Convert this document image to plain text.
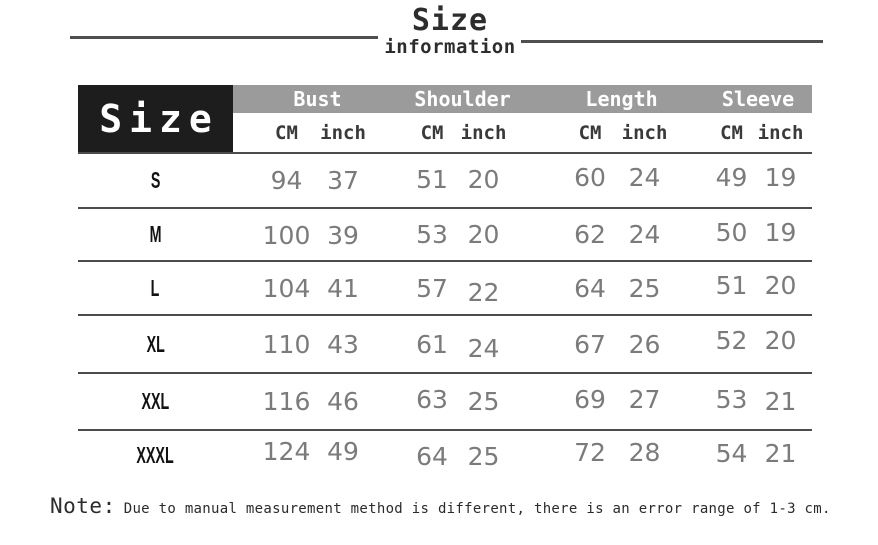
Size
information
Size	Bust		Shoulder		Length		Sleeve	
	CM	inch	CM	inch	CM	inch	CM	inch
S	94	37	51	20	60	24	49	19
M	100	39	53	20	62	24	50	19
L	104	41	57	22	64	25	51	20
XL	110	43	61	24	67	26	52	20
XXL	116	46	63	25	69	27	53	21
XXXL	124	49	64	25	72	28	54	21
Note: Due to manual measurement method is different, there is an error range of 1-3 cm.
